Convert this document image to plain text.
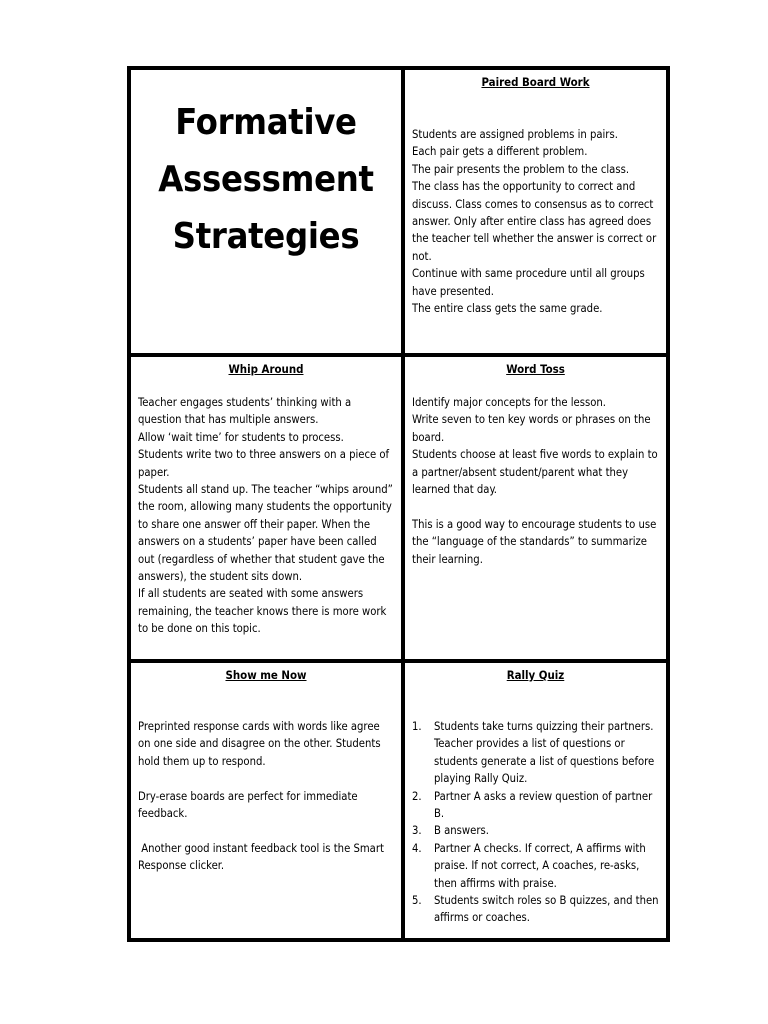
Formative
Assessment
Strategies
Paired Board Work

Students are assigned problems in pairs.

Each pair gets a different problem.

The pair presents the problem to the class.

The class has the opportunity to correct and discuss. Class comes to consensus as to correct answer. Only after entire class has agreed does the teacher tell whether the answer is correct or not.

Continue with same procedure until all groups have presented.

The entire class gets the same grade.

Whip Around

Teacher engages students’ thinking with a question that has multiple answers.

Allow ‘wait time’ for students to process.

Students write two to three answers on a piece of paper.

Students all stand up. The teacher “whips around” the room, allowing many students the opportunity to share one answer off their paper. When the answers on a students’ paper have been called out (regardless of whether that student gave the answers), the student sits down.

If all students are seated with some answers remaining, the teacher knows there is more work to be done on this topic.

Word Toss

Identify major concepts for the lesson.

Write seven to ten key words or phrases on the board.

Students choose at least five words to explain to a partner/absent student/parent what they learned that day.

This is a good way to encourage students to use the “language of the standards” to summarize their learning.

Show me Now

Preprinted response cards with words like agree on one side and disagree on the other. Students hold them up to respond.

Dry-erase boards are perfect for immediate feedback.

Another good instant feedback tool is the Smart Response clicker.

Rally Quiz
1. Students take turns quizzing their partners. Teacher provides a list of questions or students generate a list of questions before playing Rally Quiz.
2. Partner A asks a review question of partner B.
3. B answers.
4. Partner A checks. If correct, A affirms with praise. If not correct, A coaches, re-asks, then affirms with praise.
5. Students switch roles so B quizzes, and then affirms or coaches.
